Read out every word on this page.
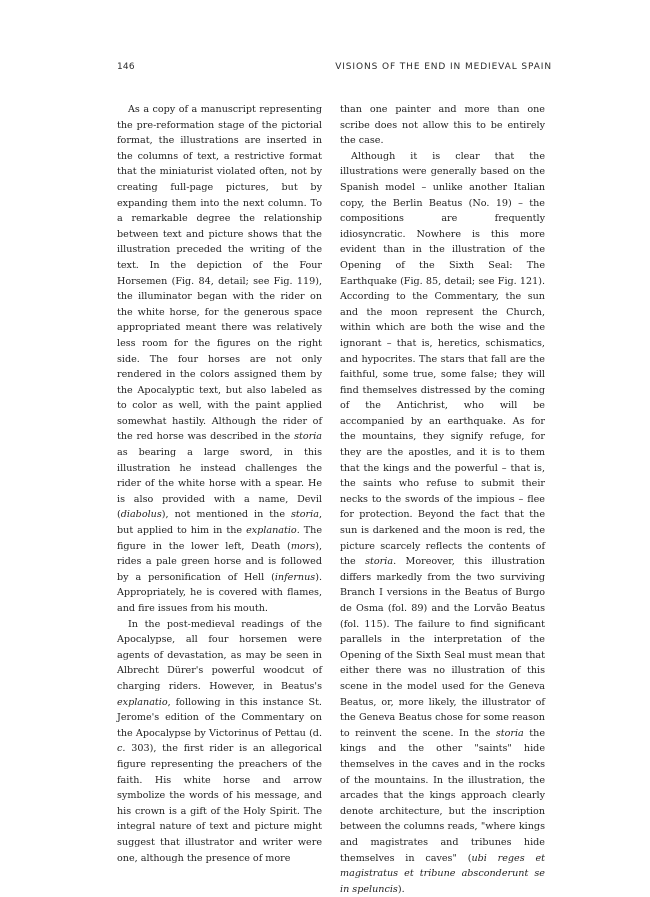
146	VISIONS OF THE END IN MEDIEVAL SPAIN

As a copy of a manuscript representing the pre-reformation stage of the pictorial format, the illustrations are inserted in the columns of text, a restrictive format that the miniaturist violated often, not by creating full-page pictures, but by expanding them into the next column. To a remarkable degree the relationship between text and picture shows that the illustration preceded the writing of the text. In the depiction of the Four Horsemen (Fig. 84, detail; see Fig. 119), the illuminator began with the rider on the white horse, for the generous space appropriated meant there was relatively less room for the figures on the right side. The four horses are not only rendered in the colors assigned them by the Apocalyptic text, but also labeled as to color as well, with the paint applied somewhat hastily. Although the rider of the red horse was described in the storia as bearing a large sword, in this illustration he instead challenges the rider of the white horse with a spear. He is also provided with a name, Devil (diabolus), not mentioned in the storia, but applied to him in the explanatio. The figure in the lower left, Death (mors), rides a pale green horse and is followed by a personification of Hell (infernus). Appropriately, he is covered with flames, and fire issues from his mouth.

In the post-medieval readings of the Apocalypse, all four horsemen were agents of devastation, as may be seen in Albrecht Dürer's powerful woodcut of charging riders. However, in Beatus's explanatio, following in this instance St. Jerome's edition of the Commentary on the Apocalypse by Victorinus of Pettau (d. c. 303), the first rider is an allegorical figure representing the preachers of the faith. His white horse and arrow symbolize the words of his message, and his crown is a gift of the Holy Spirit. The integral nature of text and picture might suggest that illustrator and writer were one, although the presence of more

than one painter and more than one scribe does not allow this to be entirely the case.

Although it is clear that the illustrations were generally based on the Spanish model – unlike another Italian copy, the Berlin Beatus (No. 19) – the compositions are frequently idiosyncratic. Nowhere is this more evident than in the illustration of the Opening of the Sixth Seal: The Earthquake (Fig. 85, detail; see Fig. 121). According to the Commentary, the sun and the moon represent the Church, within which are both the wise and the ignorant – that is, heretics, schismatics, and hypocrites. The stars that fall are the faithful, some true, some false; they will find themselves distressed by the coming of the Antichrist, who will be accompanied by an earthquake. As for the mountains, they signify refuge, for they are the apostles, and it is to them that the kings and the powerful – that is, the saints who refuse to submit their necks to the swords of the impious – flee for protection. Beyond the fact that the sun is darkened and the moon is red, the picture scarcely reflects the contents of the storia. Moreover, this illustration differs markedly from the two surviving Branch I versions in the Beatus of Burgo de Osma (fol. 89) and the Lorvão Beatus (fol. 115). The failure to find significant parallels in the interpretation of the Opening of the Sixth Seal must mean that either there was no illustration of this scene in the model used for the Geneva Beatus, or, more likely, the illustrator of the Geneva Beatus chose for some reason to reinvent the scene. In the storia the kings and the other "saints" hide themselves in the caves and in the rocks of the mountains. In the illustration, the arcades that the kings approach clearly denote architecture, but the inscription between the columns reads, "where kings and magistrates and tribunes hide themselves in caves" (ubi reges et magistratus et tribune absconderunt se in speluncis).
